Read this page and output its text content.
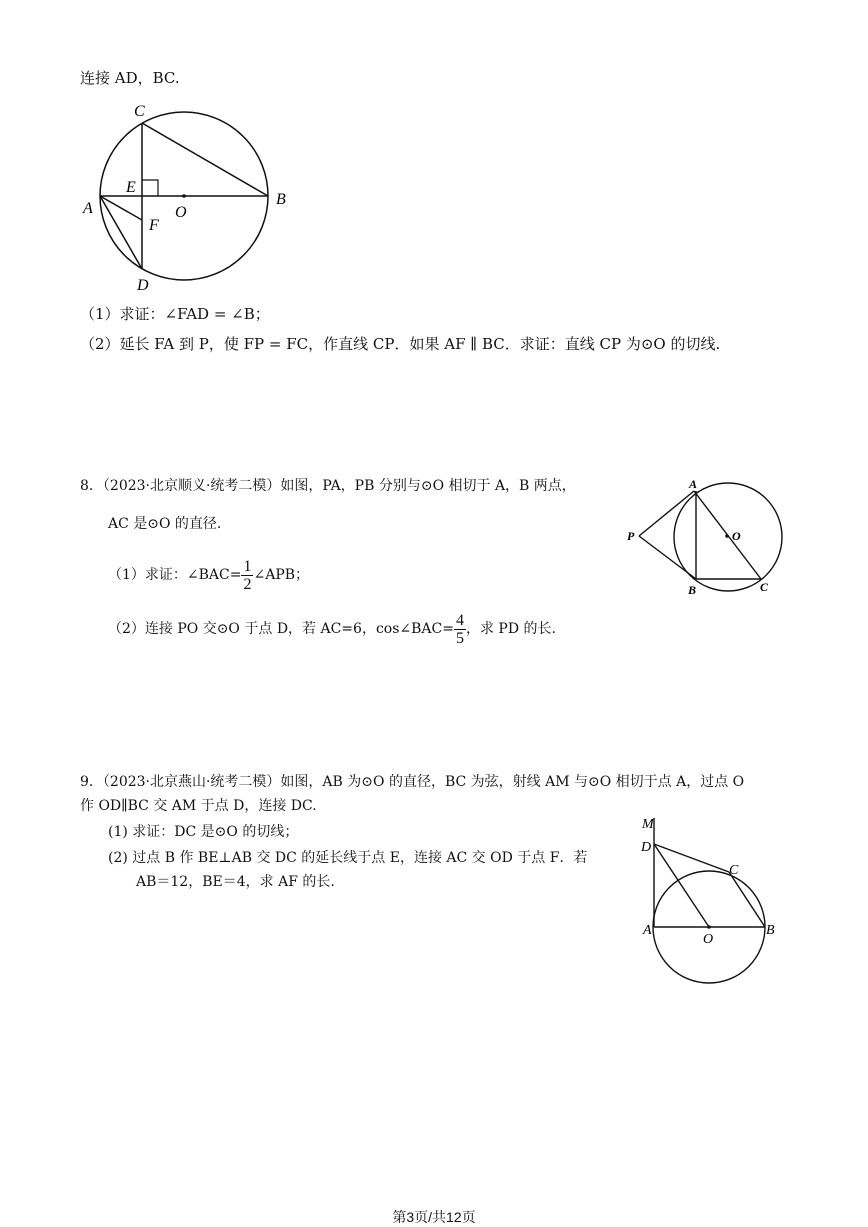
连接 AD，BC.
C
E
A	O
F
B
D
（1）求证：∠FAD = ∠B；
（2）延长 FA 到 P，使 FP = FC，作直线 CP．如果 AF ∥ BC．求证：直线 CP 为⊙O 的切线.
8．（2023·北京顺义·统考二模）如图，PA，PB 分别与⊙O 相切于 A，B 两点，
AC 是⊙O 的直径.
（1）求证：∠BAC= $\frac{1}{2}$ ∠APB；
（2）连接 PO 交⊙O 于点 D，若 AC=6，cos∠BAC= $\frac{4}{5}$ ，求 PD 的长.
A
O
P
B	C
9．（2023·北京燕山·统考二模）如图，AB 为⊙O 的直径，BC 为弦，射线 AM 与⊙O 相切于点 A，过点 O
作 OD∥BC 交 AM 于点 D，连接 DC.
(1) 求证：DC 是⊙O 的切线；
(2) 过点 B 作 BE⊥AB 交 DC 的延长线于点 E，连接 AC 交 OD 于点 F．若
AB＝12，BE＝4，求 AF 的长.
M
D
C
A
O
B
第3页/共12页
